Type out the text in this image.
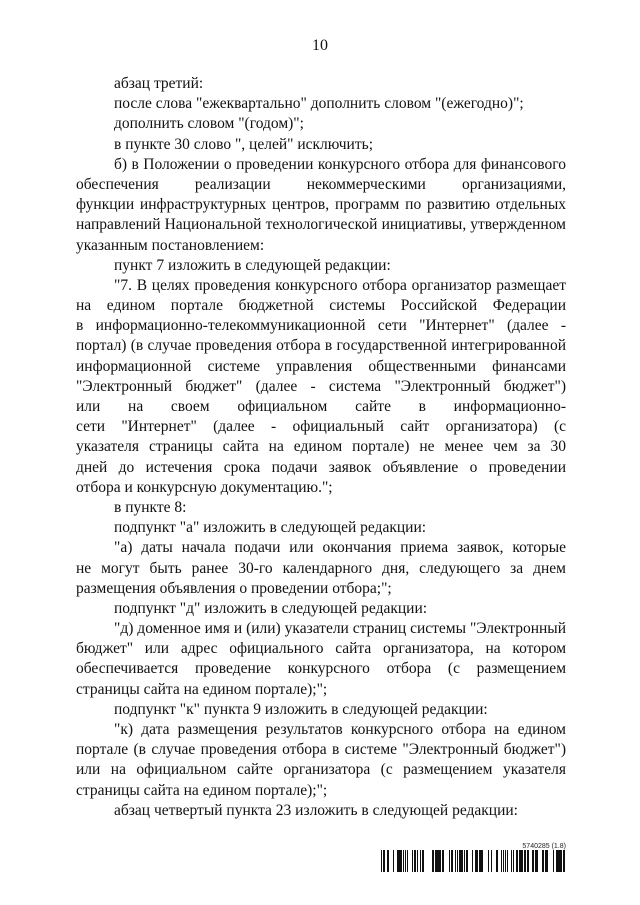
10
абзац третий:
после слова "ежеквартально" дополнить словом "(ежегодно)";
дополнить словом "(годом)";
в пункте 30 слово ", целей" исключить;
б) в Положении о проведении конкурсного отбора для финансового
обеспечения реализации некоммерческими организациями,
функции инфраструктурных центров, программ по развитию отдельных
направлений Национальной технологической инициативы, утвержденном
указанным постановлением:
пункт 7 изложить в следующей редакции:
"7. В целях проведения конкурсного отбора организатор размещает
на едином портале бюджетной системы Российской Федерации
в информационно-телекоммуникационной сети "Интернет" (далее -
портал) (в случае проведения отбора в государственной интегрированной
информационной системе управления общественными финансами
"Электронный бюджет" (далее - система "Электронный бюджет")
или на своем официальном сайте в информационно-
сети "Интернет" (далее - официальный сайт организатора) (с
указателя страницы сайта на едином портале) не менее чем за 30
дней до истечения срока подачи заявок объявление о проведении
отбора и конкурсную документацию.";
в пункте 8:
подпункт "а" изложить в следующей редакции:
"а) даты начала подачи или окончания приема заявок, которые
не могут быть ранее 30-го календарного дня, следующего за днем
размещения объявления о проведении отбора;";
подпункт "д" изложить в следующей редакции:
"д) доменное имя и (или) указатели страниц системы "Электронный
бюджет" или адрес официального сайта организатора, на котором
обеспечивается проведение конкурсного отбора (с размещением
страницы сайта на едином портале);";
подпункт "к" пункта 9 изложить в следующей редакции:
"к) дата размещения результатов конкурсного отбора на едином
портале (в случае проведения отбора в системе "Электронный бюджет")
или на официальном сайте организатора (с размещением указателя
страницы сайта на едином портале);";
абзац четвертый пункта 23 изложить в следующей редакции:
5740285 (1.8)
